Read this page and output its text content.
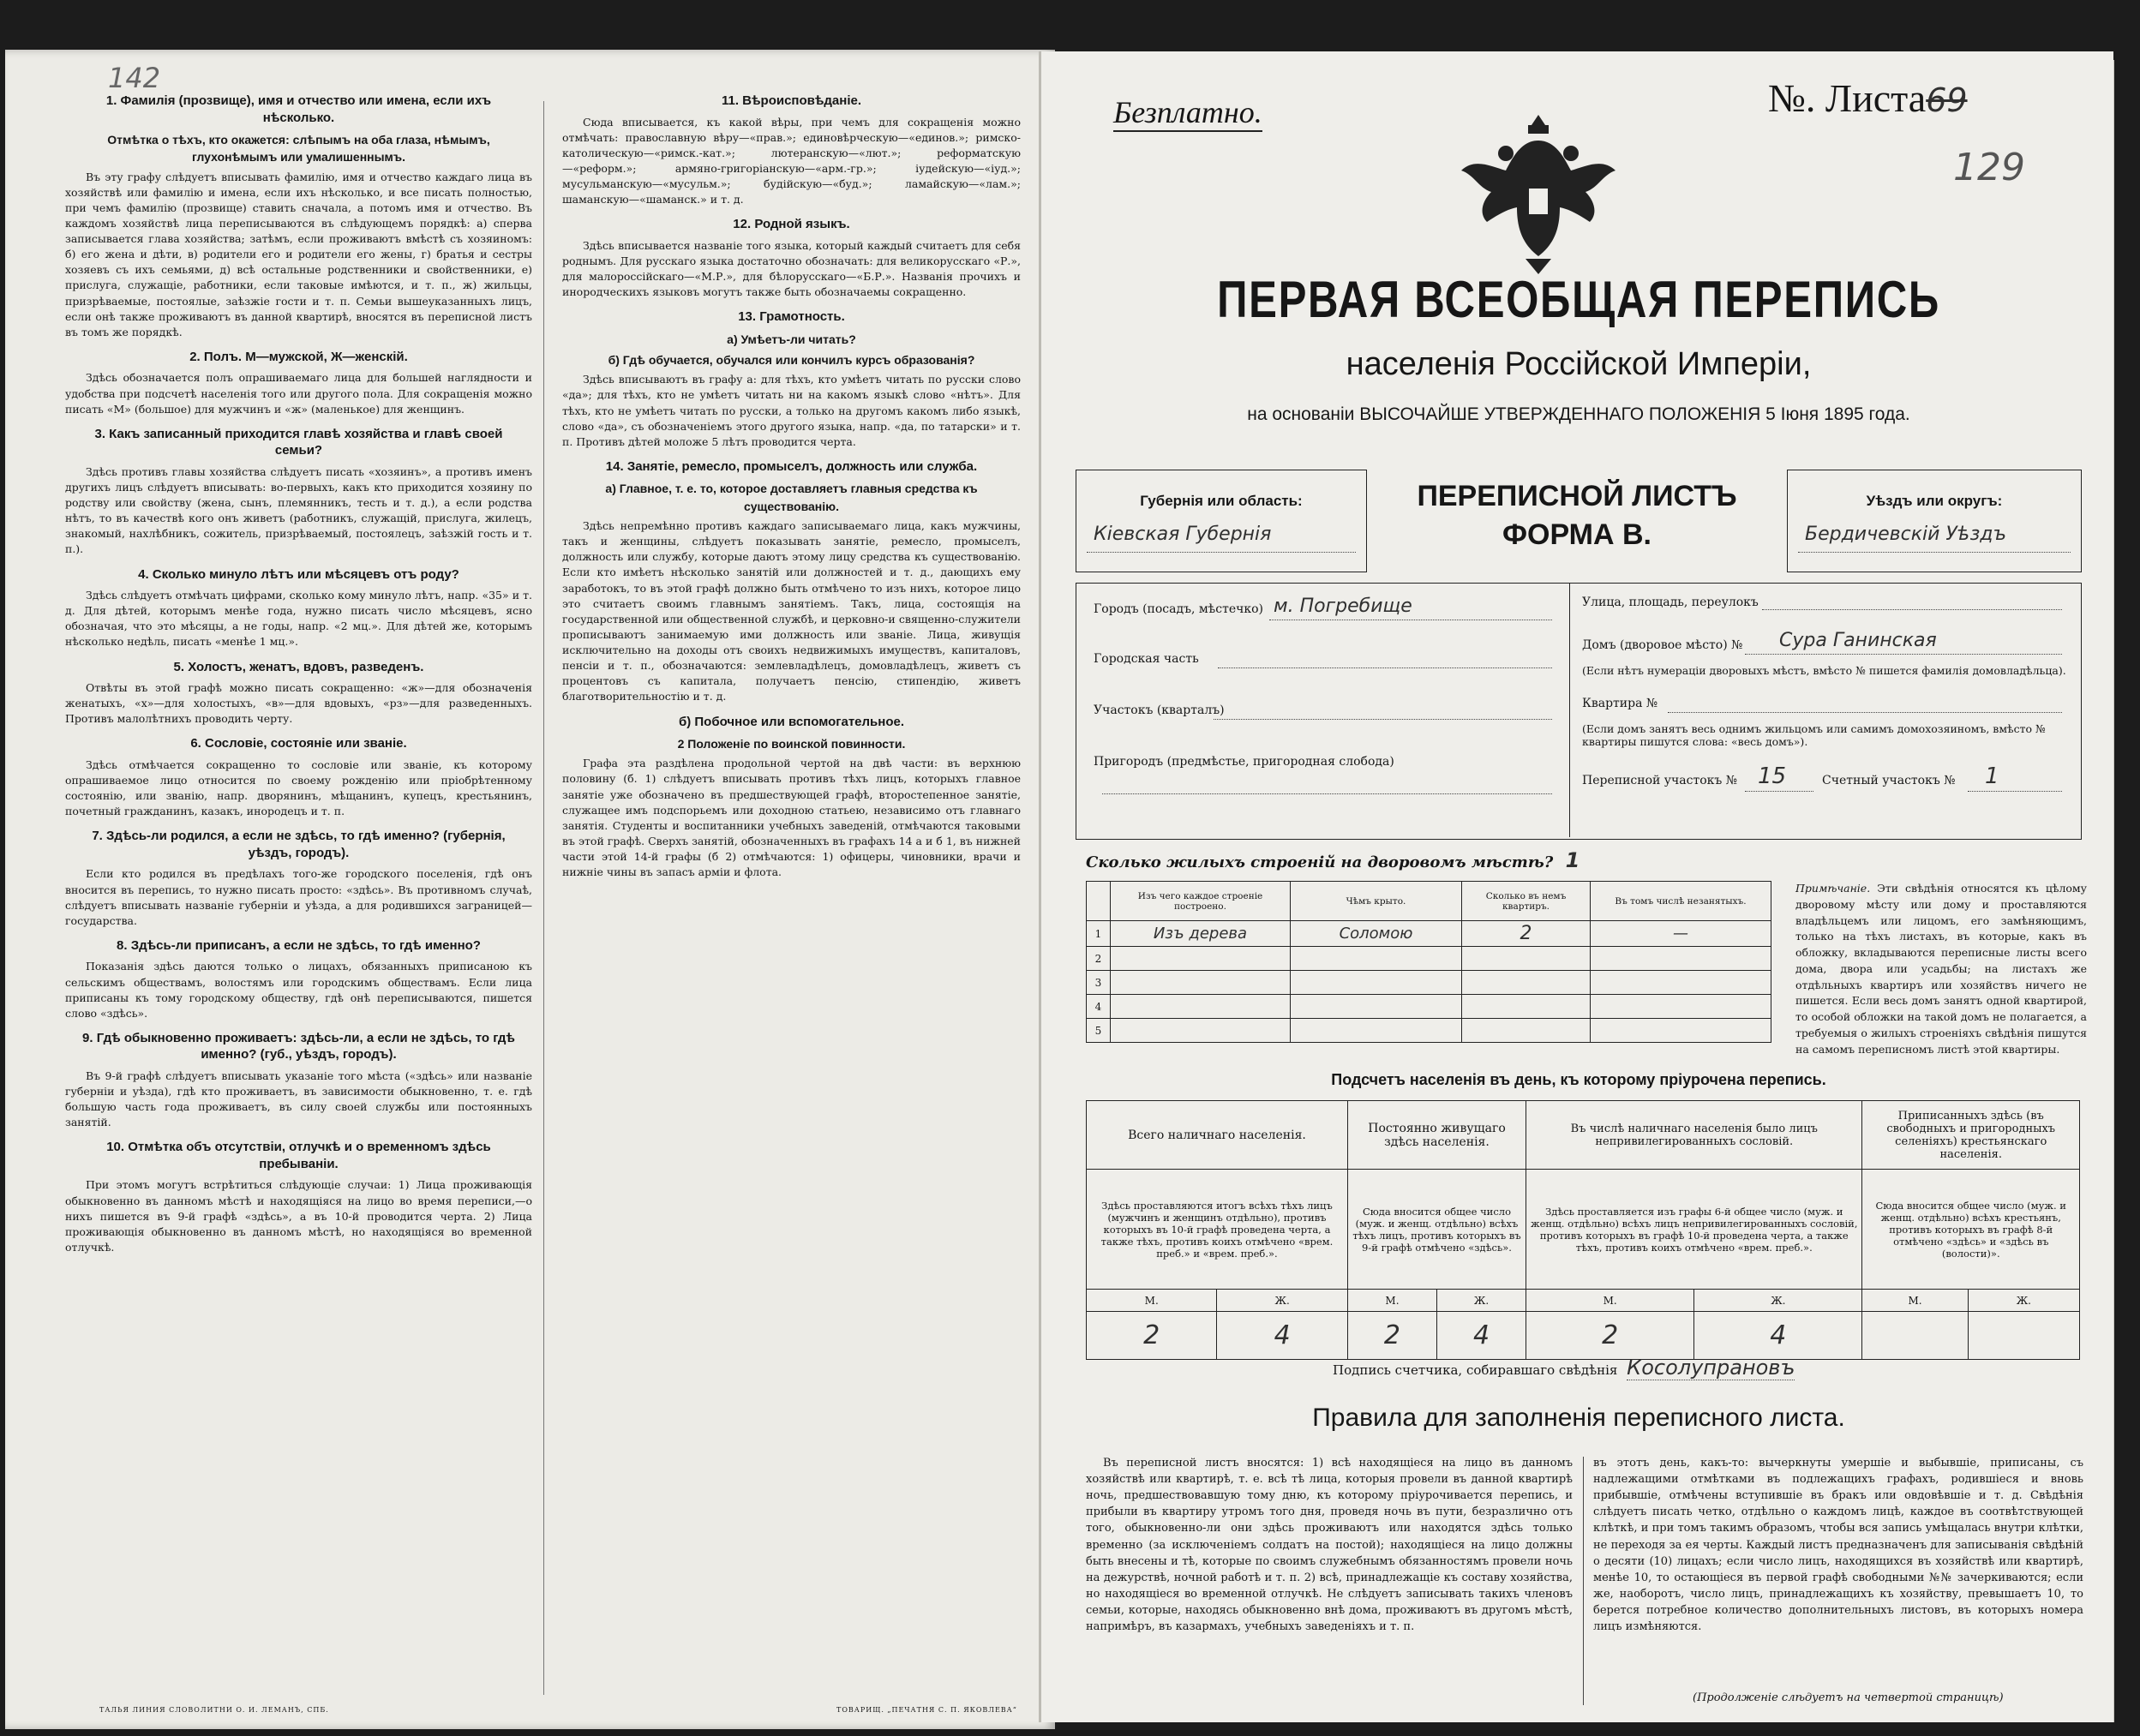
142
1. Фамилія (прозвище), имя и отчество или имена, если ихъ нѣсколько.
Отмѣтка о тѣхъ, кто окажется: слѣпымъ на оба глаза, нѣмымъ, глухонѣмымъ или умалишеннымъ.

Въ эту графу слѣдуетъ вписывать фамилію, имя и отчество каждаго лица въ хозяйствѣ или фамилію и имена, если ихъ нѣсколько, и все писать полностью, при чемъ фамилію (прозвище) ставить сначала, а потомъ имя и отчество. Въ каждомъ хозяйствѣ лица переписываются въ слѣдующемъ порядкѣ: а) сперва записывается глава хозяйства; затѣмъ, если проживаютъ вмѣстѣ съ хозяиномъ: б) его жена и дѣти, в) родители его и родители его жены, г) братья и сестры хозяевъ съ ихъ семьями, д) всѣ остальные родственники и свойственники, е) прислуга, служащіе, работники, если таковые имѣются, и т. п., ж) жильцы, призрѣваемые, постоялые, заѣзжіе гости и т. п. Семьи вышеуказанныхъ лицъ, если онѣ также проживаютъ въ данной квартирѣ, вносятся въ переписной листъ въ томъ же порядкѣ.

2. Полъ. М—мужской, Ж—женскій.

Здѣсь обозначается полъ опрашиваемаго лица для большей наглядности и удобства при подсчетѣ населенія того или другого пола. Для сокращенія можно писать «М» (большое) для мужчинъ и «ж» (маленькое) для женщинъ.

3. Какъ записанный приходится главѣ хозяйства и главѣ своей семьи?

Здѣсь противъ главы хозяйства слѣдуетъ писать «хозяинъ», а противъ именъ другихъ лицъ слѣдуетъ вписывать: во-первыхъ, какъ кто приходится хозяину по родству или свойству (жена, сынъ, племянникъ, тесть и т. д.), а если родства нѣтъ, то въ качествѣ кого онъ живетъ (работникъ, служащій, прислуга, жилецъ, знакомый, нахлѣбникъ, сожитель, призрѣваемый, постоялецъ, заѣзжій гость и т. п.).

4. Сколько минуло лѣтъ или мѣсяцевъ отъ роду?

Здѣсь слѣдуетъ отмѣчать цифрами, сколько кому минуло лѣтъ, напр. «35» и т. д. Для дѣтей, которымъ менѣе года, нужно писать число мѣсяцевъ, ясно обозначая, что это мѣсяцы, а не годы, напр. «2 мц.». Для дѣтей же, которымъ нѣсколько недѣль, писать «менѣе 1 мц.».

5. Холостъ, женатъ, вдовъ, разведенъ.

Отвѣты въ этой графѣ можно писать сокращенно: «ж»—для обозначенія женатыхъ, «х»—для холостыхъ, «в»—для вдовыхъ, «рз»—для разведенныхъ. Противъ малолѣтнихъ проводить черту.

6. Сословіе, состояніе или званіе.

Здѣсь отмѣчается сокращенно то сословіе или званіе, къ которому опрашиваемое лицо относится по своему рожденію или пріобрѣтенному состоянію, или званію, напр. дворянинъ, мѣщанинъ, купецъ, крестьянинъ, почетный гражданинъ, казакъ, инородецъ и т. п.

7. Здѣсь-ли родился, а если не здѣсь, то гдѣ именно? (губернія, уѣздъ, городъ).

Если кто родился въ предѣлахъ того-же городского поселенія, гдѣ онъ вносится въ перепись, то нужно писать просто: «здѣсь». Въ противномъ случаѣ, слѣдуетъ вписывать названіе губерніи и уѣзда, а для родившихся заграницей—государства.

8. Здѣсь-ли приписанъ, а если не здѣсь, то гдѣ именно?

Показанія здѣсь даются только о лицахъ, обязанныхъ приписаною къ сельскимъ обществамъ, волостямъ или городскимъ обществамъ. Если лица приписаны къ тому городскому обществу, гдѣ онѣ переписываются, пишется слово «здѣсь».

9. Гдѣ обыкновенно проживаетъ: здѣсь-ли, а если не здѣсь, то гдѣ именно? (губ., уѣздъ, городъ).

Въ 9-й графѣ слѣдуетъ вписывать указаніе того мѣста («здѣсь» или названіе губерніи и уѣзда), гдѣ кто проживаетъ, въ зависимости обыкновенно, т. е. гдѣ большую часть года проживаетъ, въ силу своей службы или постоянныхъ занятій.

10. Отмѣтка объ отсутствіи, отлучкѣ и о временномъ здѣсь пребываніи.

При этомъ могутъ встрѣтиться слѣдующіе случаи: 1) Лица проживающія обыкновенно въ данномъ мѣстѣ и находящіяся на лицо во время переписи,—о нихъ пишется въ 9-й графѣ «здѣсь», а въ 10-й проводится черта. 2) Лица проживающія обыкновенно въ данномъ мѣстѣ, но находящіяся во временной отлучкѣ.

11. Вѣроисповѣданіе.

Сюда вписывается, къ какой вѣры, при чемъ для сокращенія можно отмѣчать: православную вѣру—«прав.»; единовѣрческую—«единов.»; римско-католическую—«римск.-кат.»; лютеранскую—«лют.»; реформатскую—«реформ.»; армяно-григоріанскую—«арм.-гр.»; іудейскую—«іуд.»; мусульманскую—«мусульм.»; будійскую—«буд.»; ламайскую—«лам.»; шаманскую—«шаманск.» и т. д.

12. Родной языкъ.

Здѣсь вписывается названіе того языка, который каждый считаетъ для себя роднымъ. Для русскаго языка достаточно обозначать: для великорусскаго «Р.», для малороссійскаго—«М.Р.», для бѣлорусскаго—«Б.Р.». Названія прочихъ и инородческихъ языковъ могутъ также быть обозначаемы сокращенно.

13. Грамотность.
а) Умѣетъ-ли читать?
б) Гдѣ обучается, обучался или кончилъ курсъ образованія?

Здѣсь вписываютъ въ графу а: для тѣхъ, кто умѣетъ читать по русски слово «да»; для тѣхъ, кто не умѣетъ читать ни на какомъ языкѣ слово «нѣтъ». Для тѣхъ, кто не умѣетъ читать по русски, а только на другомъ какомъ либо языкѣ, слово «да», съ обозначеніемъ этого другого языка, напр. «да, по татарски» и т. п. Противъ дѣтей моложе 5 лѣтъ проводится черта.

14. Занятіе, ремесло, промыселъ, должность или служба.
а) Главное, т. е. то, которое доставляетъ главныя средства къ существованію.

Здѣсь непремѣнно противъ каждаго записываемаго лица, какъ мужчины, такъ и женщины, слѣдуетъ показывать занятіе, ремесло, промыселъ, должность или службу, которые даютъ этому лицу средства къ существованію. Если кто имѣетъ нѣсколько занятій или должностей и т. д., дающихъ ему заработокъ, то въ этой графѣ должно быть отмѣчено то изъ нихъ, которое лицо это считаетъ своимъ главнымъ занятіемъ. Такъ, лица, состоящія на государственной или общественной службѣ, и церковно-и священно-служители прописываютъ занимаемую ими должность или званіе. Лица, живущія исключительно на доходы отъ своихъ недвижимыхъ имуществъ, капиталовъ, пенсіи и т. п., обозначаются: землевладѣлецъ, домовладѣлецъ, живетъ съ процентовъ съ капитала, получаетъ пенсію, стипендію, живетъ благотворительностію и т. д.

б) Побочное или вспомогательное.
2 Положеніе по воинской повинности.

Графа эта раздѣлена продольной чертой на двѣ части: въ верхнюю половину (б. 1) слѣдуетъ вписывать противъ тѣхъ лицъ, которыхъ главное занятіе уже обозначено въ предшествующей графѣ, второстепенное занятіе, служащее имъ подспорьемъ или доходною статьею, независимо отъ главнаго занятія. Студенты и воспитанники учебныхъ заведеній, отмѣчаются таковыми въ этой графѣ. Сверхъ занятій, обозначенныхъ въ графахъ 14 а и б 1, въ нижней части этой 14-й графы (б 2) отмѣчаются: 1) офицеры, чиновники, врачи и нижніе чины въ запасъ арміи и флота.

ТАЛЬЯ ЛИНИЯ СЛОВОЛИТНИ О. И. ЛЕМАНЪ, СПБ.	ТОВАРИЩ. „ПЕЧАТНЯ С. П. ЯКОВЛЕВА“
Безплатно.	№. Листа69
129
ПЕРВАЯ ВСЕОБЩАЯ ПЕРЕПИСЬ
населенія Россійской Имперіи,
на основаніи ВЫСОЧАЙШЕ УТВЕРЖДЕННАГО ПОЛОЖЕНІЯ 5 Іюня 1895 года.
Губернія или область:
Кіевская Губернія
ПЕРЕПИСНОЙ ЛИСТЪ
ФОРМА В.
Уѣздъ или округъ:
Бердичевскій Уѣздъ
Городъ (посадъ, мѣстечко) м. Погребище
Городская часть
Участокъ (кварталъ)
Пригородъ (предмѣстье, пригородная слобода)
Улица, площадь, переулокъ
Домъ (дворовое мѣсто) № Сура Ганинская
(Если нѣтъ нумераціи дворовыхъ мѣстъ, вмѣсто № пишется фамилія домовладѣльца).
Квартира №
(Если домъ занятъ весь однимъ жильцомъ или самимъ домохозяиномъ, вмѣсто № квартиры пишутся слова: «весь домъ»).
Переписной участокъ № 15	Счетный участокъ № 1
Сколько жилыхъ строеній на дворовомъ мѣстѣ? 1
	Изъ чего каждое строеніе построено.	Чѣмъ крыто.	Сколько въ немъ квартиръ.	Въ томъ числѣ незанятыхъ.
1	Изъ дерева	Соломою	2	—
2				
3				
4				
5				
Примѣчаніе. Эти свѣдѣнія относятся къ цѣлому дворовому мѣсту или дому и проставляются владѣльцемъ или лицомъ, его замѣняющимъ, только на тѣхъ листахъ, въ которые, какъ въ обложку, вкладываются переписные листы всего дома, двора или усадьбы; на листахъ же отдѣльныхъ квартиръ или хозяйствъ ничего не пишется. Если весь домъ занятъ одной квартирой, то особой обложки на такой домъ не полагается, а требуемыя о жилыхъ строеніяхъ свѣдѣнія пишутся на самомъ переписномъ листѣ этой квартиры.
Подсчетъ населенія въ день, къ которому пріурочена перепись.
Всего наличнаго населенія.		Постоянно живущаго здѣсь населенія.		Въ числѣ наличнаго населенія было лицъ непривилегированныхъ сословій.		Приписанныхъ здѣсь (въ свободныхъ и пригородныхъ селеніяхъ) крестьянскаго населенія.	
Здѣсь проставляются итогъ всѣхъ тѣхъ лицъ (мужчинъ и женщинъ отдѣльно), противъ которыхъ въ 10-й графѣ проведена черта, а также тѣхъ, противъ коихъ отмѣчено «врем. преб.» и «врем. преб.».		Сюда вносится общее число (муж. и женщ. отдѣльно) всѣхъ тѣхъ лицъ, противъ которыхъ въ 9-й графѣ отмѣчено «здѣсь».		Здѣсь проставляется изъ графы 6-й общее число (муж. и женщ. отдѣльно) всѣхъ лицъ непривилегированныхъ сословій, противъ которыхъ въ графѣ 10-й проведена черта, а также тѣхъ, противъ коихъ отмѣчено «врем. преб.».		Сюда вносится общее число (муж. и женщ. отдѣльно) всѣхъ крестьянъ, противъ которыхъ въ графѣ 8-й отмѣчено «здѣсь» и «здѣсь въ (волости)».	
М.	Ж.	М.	Ж.	М.	Ж.	М.	Ж.
2	4	2	4	2	4		
Подпись счетчика, собиравшаго свѣдѣнія Косолупрановъ
Правила для заполненія переписного листа.
Въ переписной листъ вносятся: 1) всѣ находящіеся на лицо въ данномъ хозяйствѣ или квартирѣ, т. е. всѣ тѣ лица, которыя провели въ данной квартирѣ ночь, предшествовавшую тому дню, къ которому пріурочивается перепись, и прибыли въ квартиру утромъ того дня, проведя ночь въ пути, безразлично отъ того, обыкновенно-ли они здѣсь проживаютъ или находятся здѣсь только временно (за исключеніемъ солдатъ на постой); находящіеся на лицо должны быть внесены и тѣ, которые по своимъ служебнымъ обязанностямъ провели ночь на дежурствѣ, ночной работѣ и т. п. 2) всѣ, принадлежащіе къ составу хозяйства, но находящіеся во временной отлучкѣ. Не слѣдуетъ записывать такихъ членовъ семьи, которые, находясь обыкновенно внѣ дома, проживаютъ въ другомъ мѣстѣ, напримѣръ, въ казармахъ, учебныхъ заведеніяхъ и т. п.
въ этотъ день, какъ-то: вычеркнуты умершіе и выбывшіе, приписаны, съ надлежащими отмѣтками въ подлежащихъ графахъ, родившіеся и вновь прибывшіе, отмѣчены вступившіе въ бракъ или овдовѣвшіе и т. д. Свѣдѣнія слѣдуетъ писать четко, отдѣльно о каждомъ лицѣ, каждое въ соотвѣтствующей клѣткѣ, и при томъ такимъ образомъ, чтобы вся запись умѣщалась внутри клѣтки, не переходя за ея черты. Каждый листъ предназначенъ для записыванія свѣдѣній о десяти (10) лицахъ; если число лицъ, находящихся въ хозяйствѣ или квартирѣ, менѣе 10, то остающіеся въ первой графѣ свободными №№ зачеркиваются; если же, наоборотъ, число лицъ, принадлежащихъ къ хозяйству, превышаетъ 10, то берется потребное количество дополнительныхъ листовъ, въ которыхъ номера лицъ измѣняются.
(Продолженіе слѣдуетъ на четвертой страницѣ)
